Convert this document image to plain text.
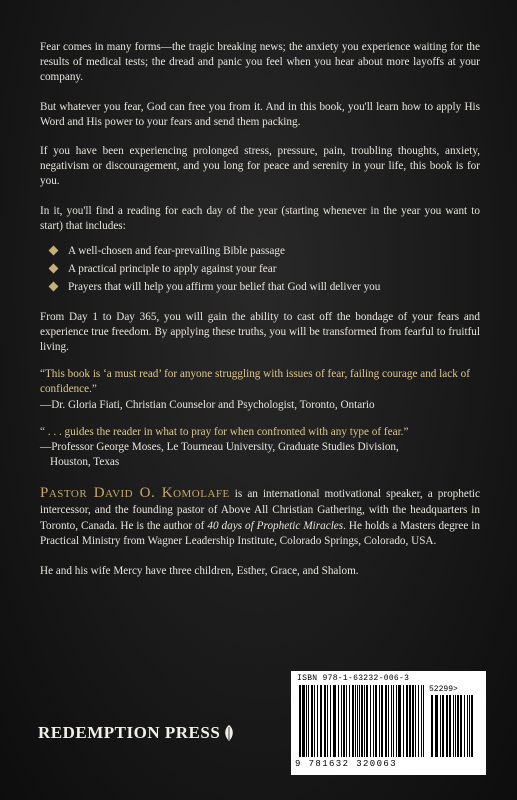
Fear comes in many forms—the tragic breaking news; the anxiety you experience waiting for the results of medical tests; the dread and panic you feel when you hear about more layoffs at your company.

But whatever you fear, God can free you from it. And in this book, you'll learn how to apply His Word and His power to your fears and send them packing.

If you have been experiencing prolonged stress, pressure, pain, troubling thoughts, anxiety, negativism or discouragement, and you long for peace and serenity in your life, this book is for you.

In it, you'll find a reading for each day of the year (starting whenever in the year you want to start) that includes:

A well-chosen and fear-prevailing Bible passage
A practical principle to apply against your fear
Prayers that will help you affirm your belief that God will deliver you

From Day 1 to Day 365, you will gain the ability to cast off the bondage of your fears and experience true freedom. By applying these truths, you will be transformed from fearful to fruitful living.

“This book is ‘a must read’ for anyone struggling with issues of fear, failing courage and lack of confidence.”
—Dr. Gloria Fiati, Christian Counselor and Psychologist, Toronto, Ontario
“ . . . guides the reader in what to pray for when confronted with any type of fear.”
—Professor George Moses, Le Tourneau University, Graduate Studies Division,
Houston, Texas

Pastor David O. Komolafe is an international motivational speaker, a prophetic intercessor, and the founding pastor of Above All Christian Gathering, with the headquarters in Toronto, Canada. He is the author of 40 days of Prophetic Miracles. He holds a Masters degree in Practical Ministry from Wagner Leadership Institute, Colorado Springs, Colorado, USA.

He and his wife Mercy have three children, Esther, Grace, and Shalom.

ISBN 978-1-63232-006-3
52299>
9 781632 320063
REDEMPTION PRESS
